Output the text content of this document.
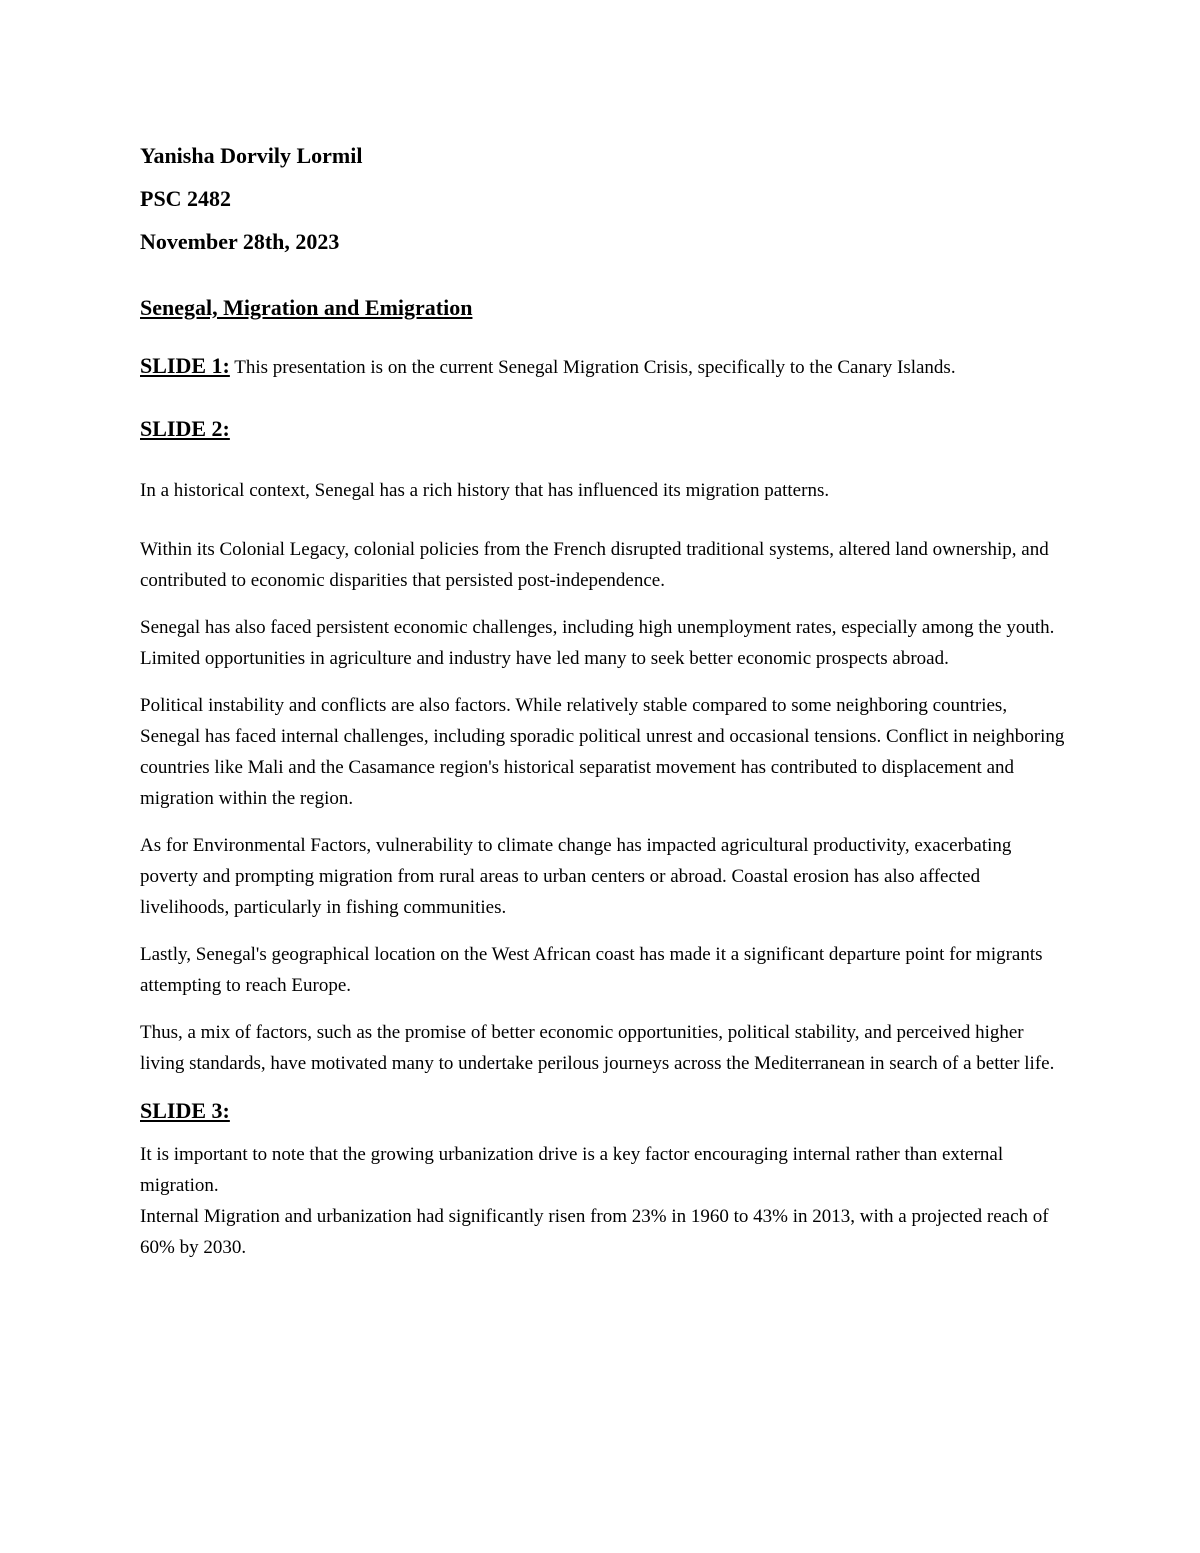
Yanisha Dorvily Lormil
PSC 2482
November 28th, 2023
Senegal, Migration and Emigration

SLIDE 1: This presentation is on the current Senegal Migration Crisis, specifically to the Canary Islands.

SLIDE 2:

In a historical context, Senegal has a rich history that has influenced its migration patterns.

Within its Colonial Legacy, colonial policies from the French disrupted traditional systems, altered land ownership, and contributed to economic disparities that persisted post-independence.

Senegal has also faced persistent economic challenges, including high unemployment rates, especially among the youth. Limited opportunities in agriculture and industry have led many to seek better economic prospects abroad.

Political instability and conflicts are also factors. While relatively stable compared to some neighboring countries, Senegal has faced internal challenges, including sporadic political unrest and occasional tensions. Conflict in neighboring countries like Mali and the Casamance region's historical separatist movement has contributed to displacement and migration within the region.

As for Environmental Factors, vulnerability to climate change has impacted agricultural productivity, exacerbating poverty and prompting migration from rural areas to urban centers or abroad. Coastal erosion has also affected livelihoods, particularly in fishing communities.

Lastly, Senegal's geographical location on the West African coast has made it a significant departure point for migrants attempting to reach Europe.

Thus, a mix of factors, such as the promise of better economic opportunities, political stability, and perceived higher living standards, have motivated many to undertake perilous journeys across the Mediterranean in search of a better life.

SLIDE 3:

It is important to note that the growing urbanization drive is a key factor encouraging internal rather than external migration.

Internal Migration and urbanization had significantly risen from 23% in 1960 to 43% in 2013, with a projected reach of 60% by 2030.
